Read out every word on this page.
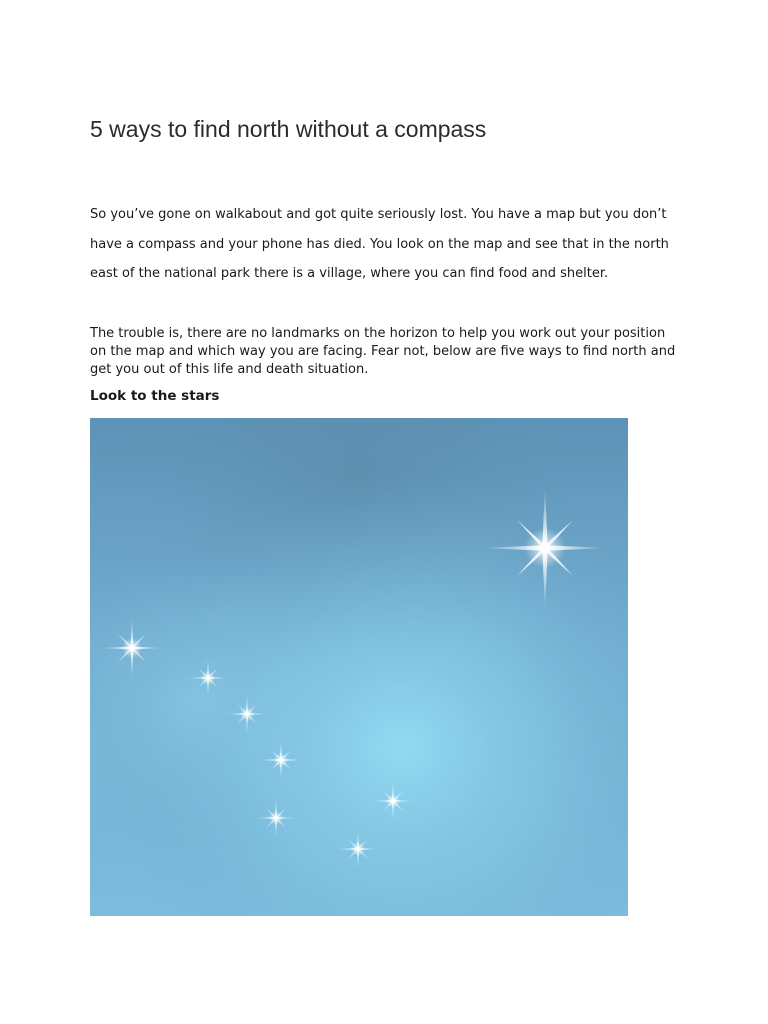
5 ways to find north without a compass

So you’ve gone on walkabout and got quite seriously lost. You have a map but you don’t have a compass and your phone has died. You look on the map and see that in the north east of the national park there is a village, where you can find food and shelter.

The trouble is, there are no landmarks on the horizon to help you work out your position on the map and which way you are facing. Fear not, below are five ways to find north and get you out of this life and death situation.

Look to the stars
